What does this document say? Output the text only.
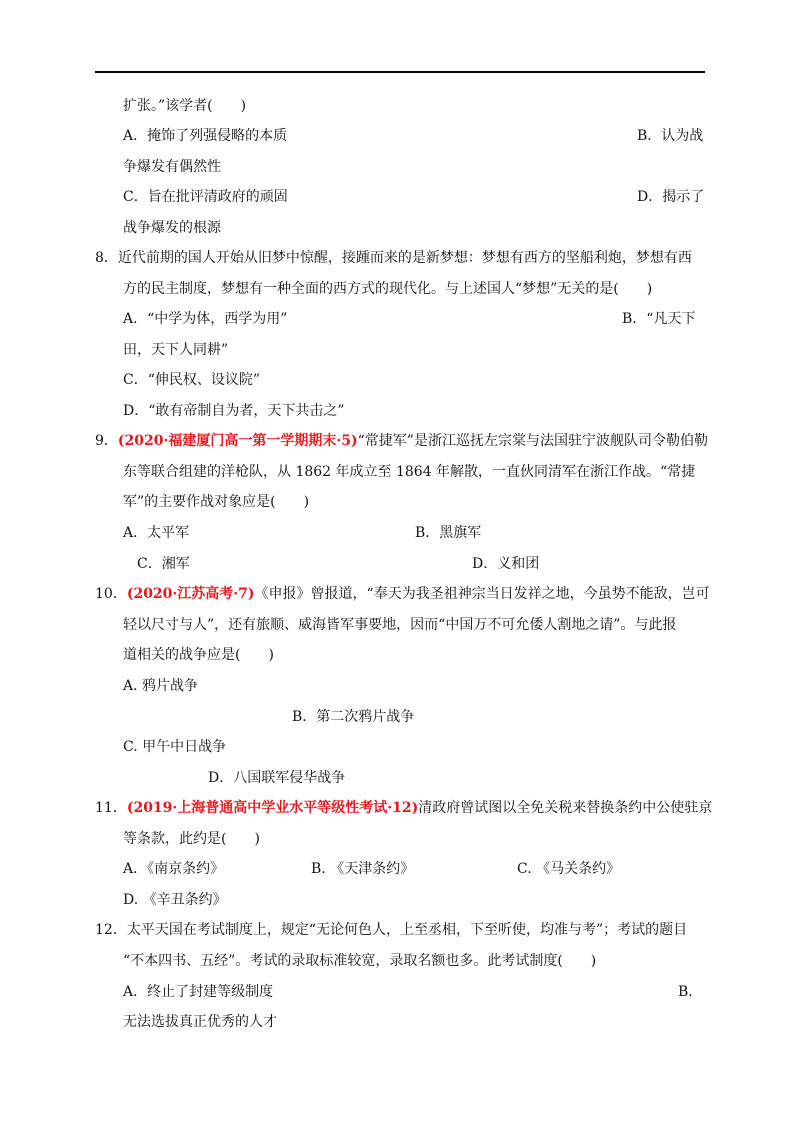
扩张。”该学者(　　)
A．掩饰了列强侵略的本质	B．认为战
争爆发有偶然性
C．旨在批评清政府的顽固	D．揭示了
战争爆发的根源
8．近代前期的国人开始从旧梦中惊醒，接踵而来的是新梦想：梦想有西方的坚船利炮，梦想有西
方的民主制度，梦想有一种全面的西方式的现代化。与上述国人“梦想”无关的是(　　)
A．“中学为体，西学为用”	B．“凡天下
田，天下人同耕”
C．“伸民权、设议院”
D．“敢有帝制自为者，天下共击之”
9．(2020·福建厦门高一第一学期期末·5)“常捷军”是浙江巡抚左宗棠与法国驻宁波舰队司令勒伯勒
东等联合组建的洋枪队，从 1862 年成立至 1864 年解散，一直伙同清军在浙江作战。“常捷
军”的主要作战对象应是(　　)
A．太平军	B．黑旗军
C．湘军	D．义和团
10．(2020·江苏高考·7)《申报》曾报道，“奉天为我圣祖神宗当日发祥之地，今虽势不能敌，岂可
轻以尺寸与人”，还有旅顺、威海皆军事要地，因而“中国万不可允倭人割地之请”。与此报
道相关的战争应是(　　)
A. 鸦片战争
B．第二次鸦片战争
C. 甲午中日战争
D．八国联军侵华战争
11．(2019·上海普通高中学业水平等级性考试·12)清政府曾试图以全免关税来替换条约中公使驻京
等条款，此约是(　　)
A．《南京条约》	B. 《天津条约》	C. 《马关条约》
D. 《辛丑条约》
12．太平天国在考试制度上，规定“无论何色人，上至丞相，下至听使，均准与考”；考试的题目
“不本四书、五经”。考试的录取标准较宽，录取名额也多。此考试制度(　　)
A．终止了封建等级制度	B．
无法选拔真正优秀的人才
